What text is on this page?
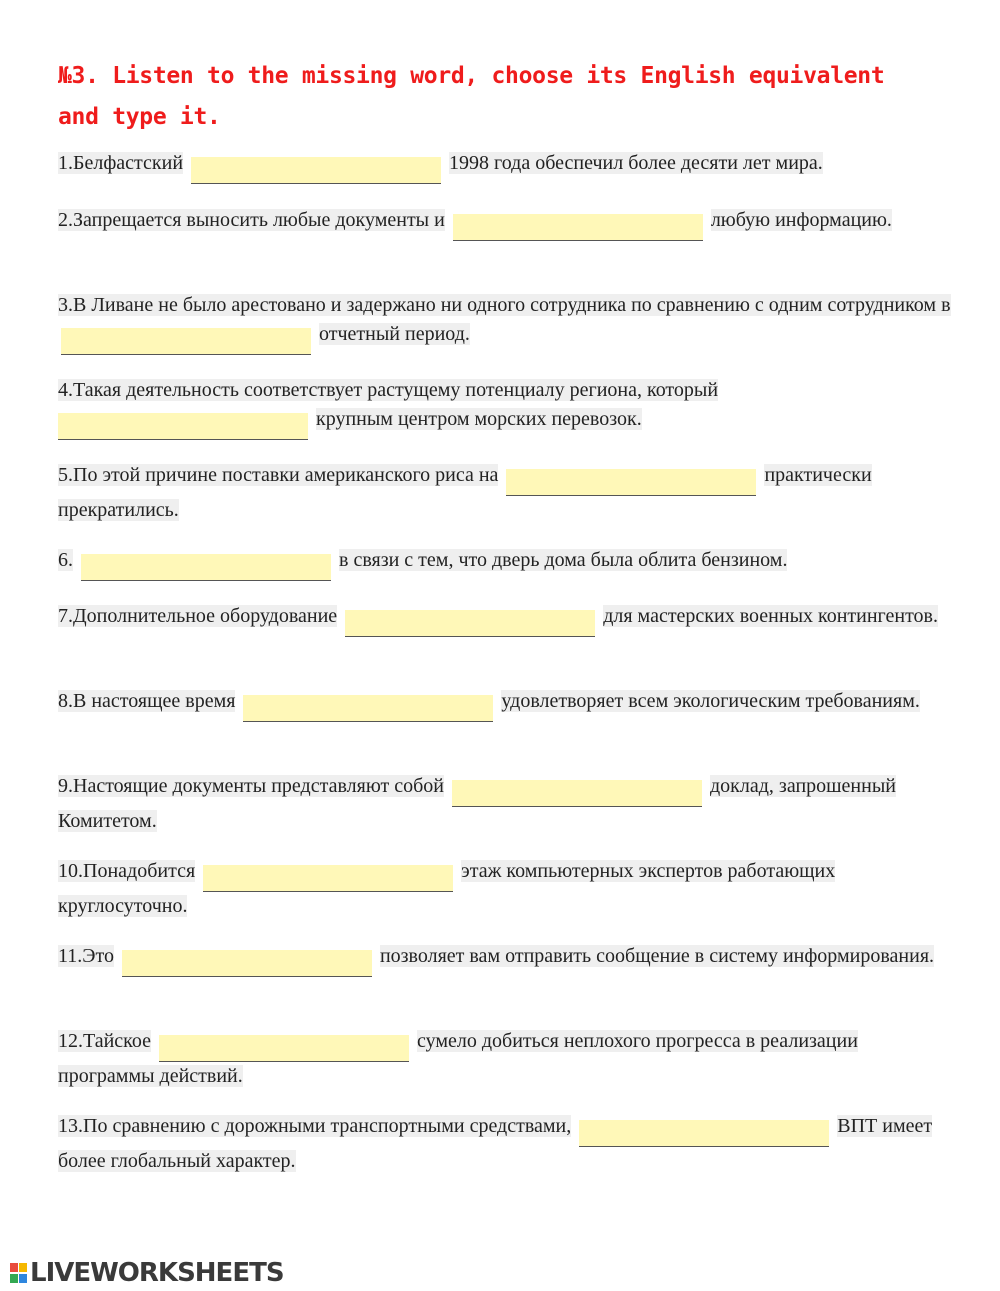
№3. Listen to the missing word, choose its English equivalent and type it.

1.Белфастский	1998 года обеспечил более десяти лет мира.

2.Запрещается выносить любые документы и	любую информацию.

3.В Ливане не было арестовано и задержано ни одного сотрудника по сравнению с одним сотрудником в  отчетный период.

4.Такая деятельность соответствует растущему потенциалу региона, который  крупным центром морских перевозок.

5.По этой причине поставки американского риса на	практически прекратились.

6.	в связи с тем, что дверь дома была облита бензином.

7.Дополнительное оборудование	для мастерских военных контингентов.

8.В настоящее время	удовлетворяет всем экологическим требованиям.

9.Настоящие документы представляют собой	доклад, запрошенный Комитетом.

10.Понадобится	этаж компьютерных экспертов работающих круглосуточно.

11.Это	позволяет вам отправить сообщение в систему информирования.

12.Тайское	сумело добиться неплохого прогресса в реализации программы действий.

13.По сравнению с дорожными транспортными средствами,	ВПТ имеет более глобальный характер.

LIVEWORKSHEETS
